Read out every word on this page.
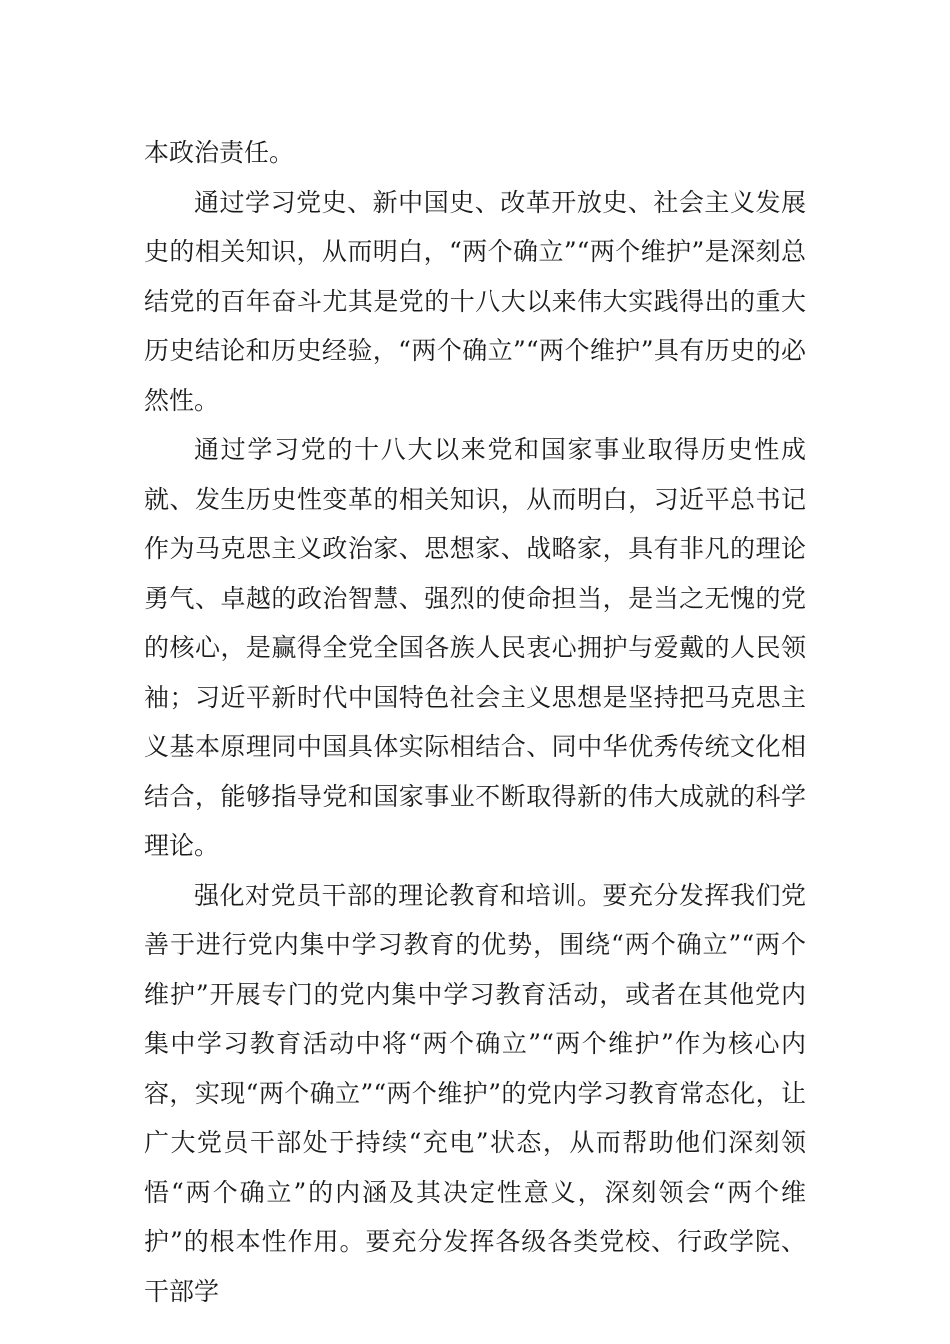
本政治责任。

通过学习党史、新中国史、改革开放史、社会主义发展史的相关知识，从而明白，“两个确立”“两个维护”是深刻总结党的百年奋斗尤其是党的十八大以来伟大实践得出的重大历史结论和历史经验，“两个确立”“两个维护”具有历史的必然性。

通过学习党的十八大以来党和国家事业取得历史性成就、发生历史性变革的相关知识，从而明白，习近平总书记作为马克思主义政治家、思想家、战略家，具有非凡的理论勇气、卓越的政治智慧、强烈的使命担当，是当之无愧的党的核心，是赢得全党全国各族人民衷心拥护与爱戴的人民领袖；习近平新时代中国特色社会主义思想是坚持把马克思主义基本原理同中国具体实际相结合、同中华优秀传统文化相结合，能够指导党和国家事业不断取得新的伟大成就的科学理论。

强化对党员干部的理论教育和培训。要充分发挥我们党善于进行党内集中学习教育的优势，围绕“两个确立”“两个维护”开展专门的党内集中学习教育活动，或者在其他党内集中学习教育活动中将“两个确立”“两个维护”作为核心内容，实现“两个确立”“两个维护”的党内学习教育常态化，让广大党员干部处于持续“充电”状态，从而帮助他们深刻领悟“两个确立”的内涵及其决定性意义，深刻领会“两个维护”的根本性作用。要充分发挥各级各类党校、行政学院、干部学
